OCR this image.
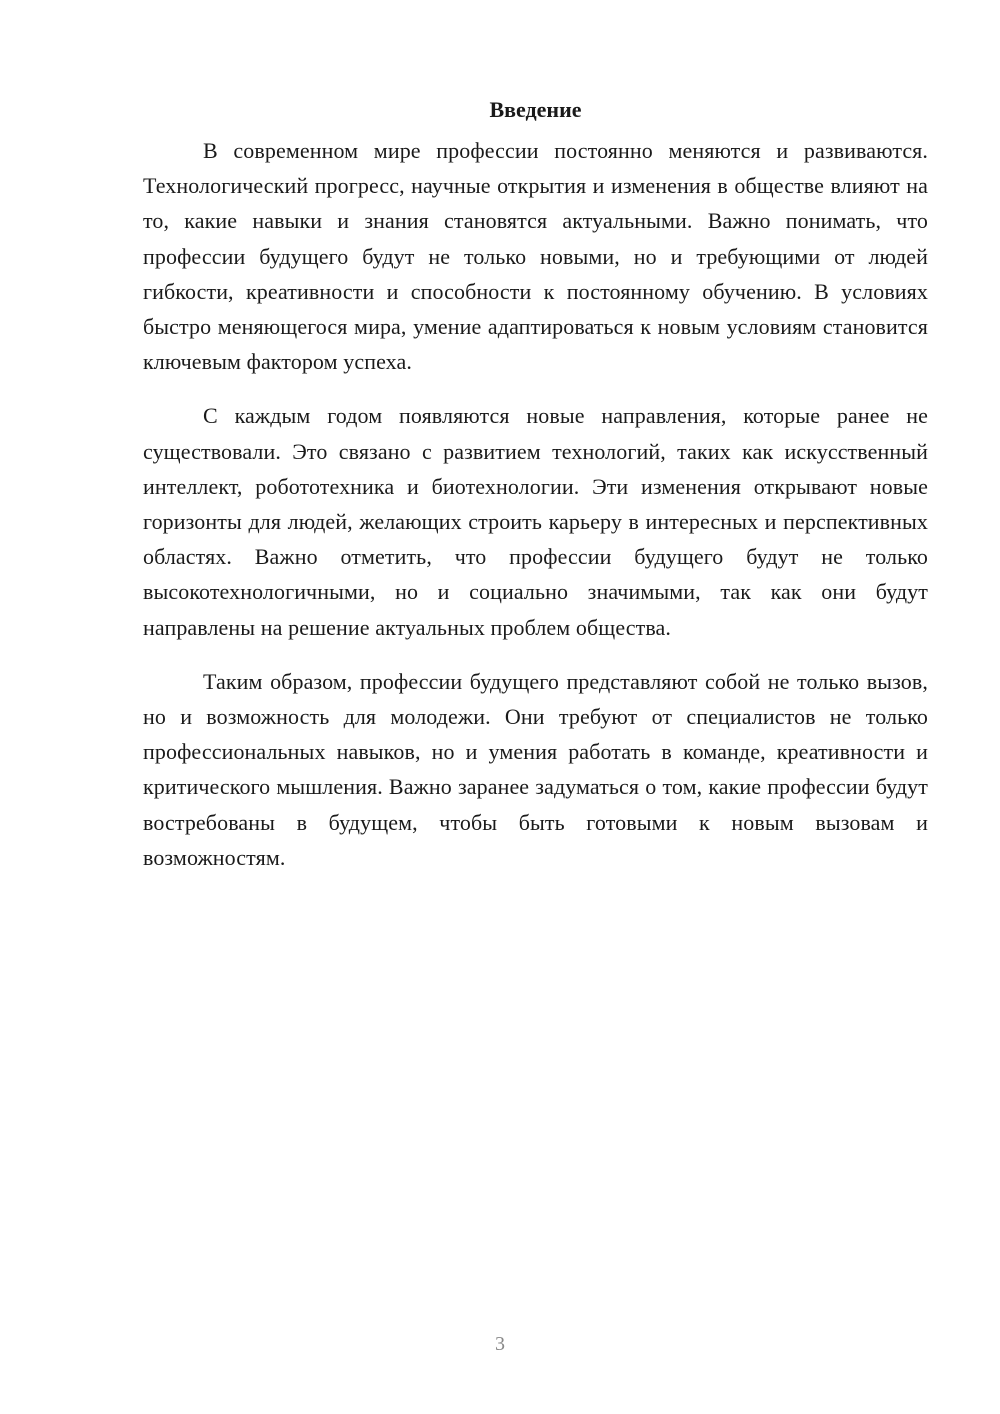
Введение

В современном мире профессии постоянно меняются и развиваются. Технологический прогресс, научные открытия и изменения в обществе влияют на то, какие навыки и знания становятся актуальными. Важно понимать, что профессии будущего будут не только новыми, но и требующими от людей гибкости, креативности и способности к постоянному обучению. В условиях быстро меняющегося мира, умение адаптироваться к новым условиям становится ключевым фактором успеха.

С каждым годом появляются новые направления, которые ранее не существовали. Это связано с развитием технологий, таких как искусственный интеллект, робототехника и биотехнологии. Эти изменения открывают новые горизонты для людей, желающих строить карьеру в интересных и перспективных областях. Важно отметить, что профессии будущего будут не только высокотехнологичными, но и социально значимыми, так как они будут направлены на решение актуальных проблем общества.

Таким образом, профессии будущего представляют собой не только вызов, но и возможность для молодежи. Они требуют от специалистов не только профессиональных навыков, но и умения работать в команде, креативности и критического мышления. Важно заранее задуматься о том, какие профессии будут востребованы в будущем, чтобы быть готовыми к новым вызовам и возможностям.

3
